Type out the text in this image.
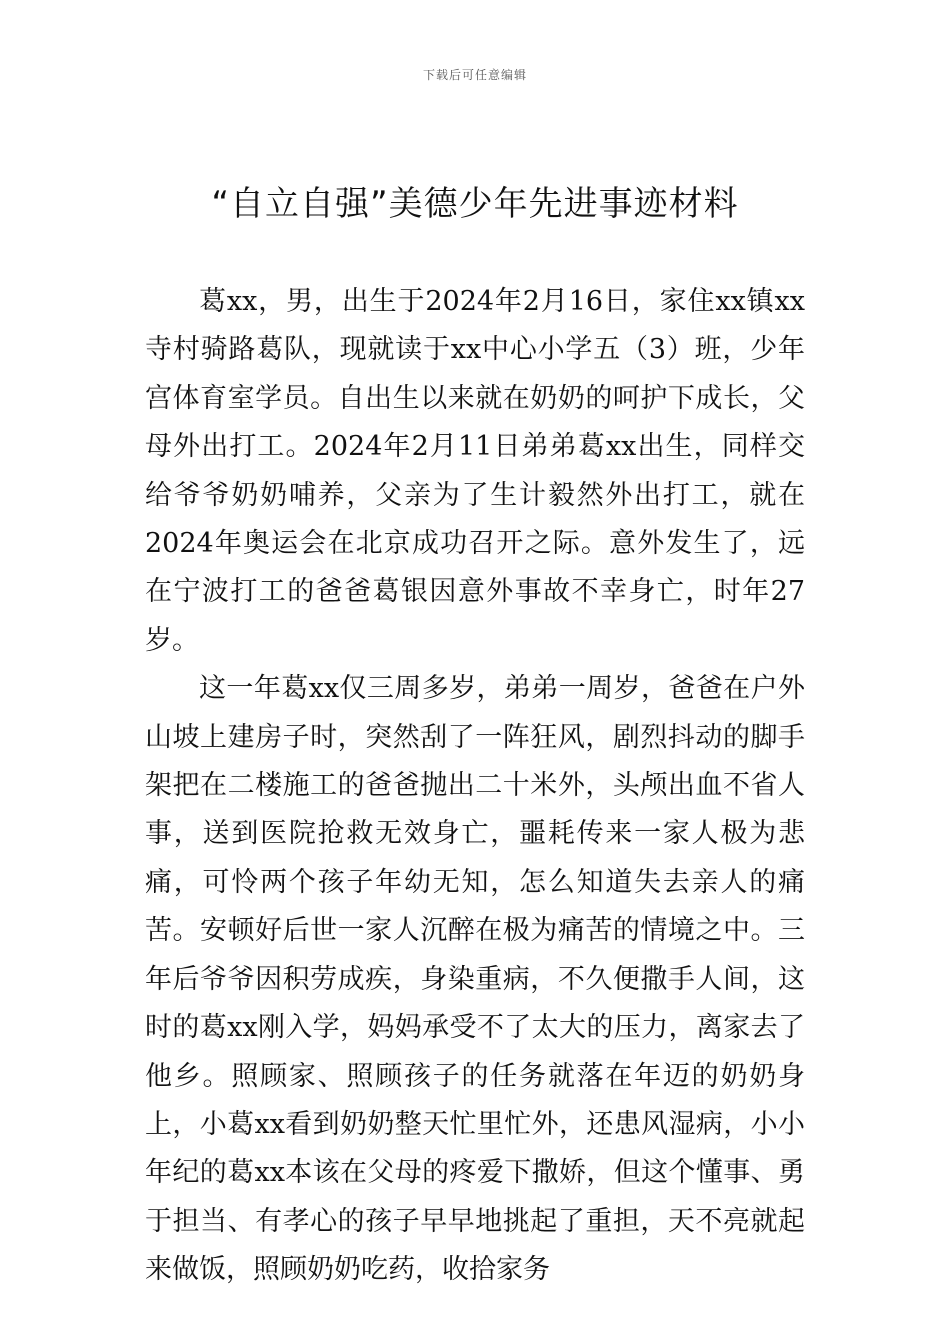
下载后可任意编辑
“自立自强”美德少年先进事迹材料

葛xx，男，出生于2024年2月16日，家住xx镇xx寺村骑路葛队，现就读于xx中心小学五（3）班，少年宫体育室学员。自出生以来就在奶奶的呵护下成长，父母外出打工。2024年2月11日弟弟葛xx出生，同样交给爷爷奶奶哺养，父亲为了生计毅然外出打工，就在2024年奥运会在北京成功召开之际。意外发生了，远在宁波打工的爸爸葛银因意外事故不幸身亡，时年27岁。

这一年葛xx仅三周多岁，弟弟一周岁，爸爸在户外山坡上建房子时，突然刮了一阵狂风，剧烈抖动的脚手架把在二楼施工的爸爸抛出二十米外，头颅出血不省人事，送到医院抢救无效身亡，噩耗传来一家人极为悲痛，可怜两个孩子年幼无知，怎么知道失去亲人的痛苦。安顿好后世一家人沉醉在极为痛苦的情境之中。三年后爷爷因积劳成疾，身染重病，不久便撒手人间，这时的葛xx刚入学，妈妈承受不了太大的压力，离家去了他乡。照顾家、照顾孩子的任务就落在年迈的奶奶身上，小葛xx看到奶奶整天忙里忙外，还患风湿病，小小年纪的葛xx本该在父母的疼爱下撒娇，但这个懂事、勇于担当、有孝心的孩子早早地挑起了重担，天不亮就起来做饭，照顾奶奶吃药，收拾家务
